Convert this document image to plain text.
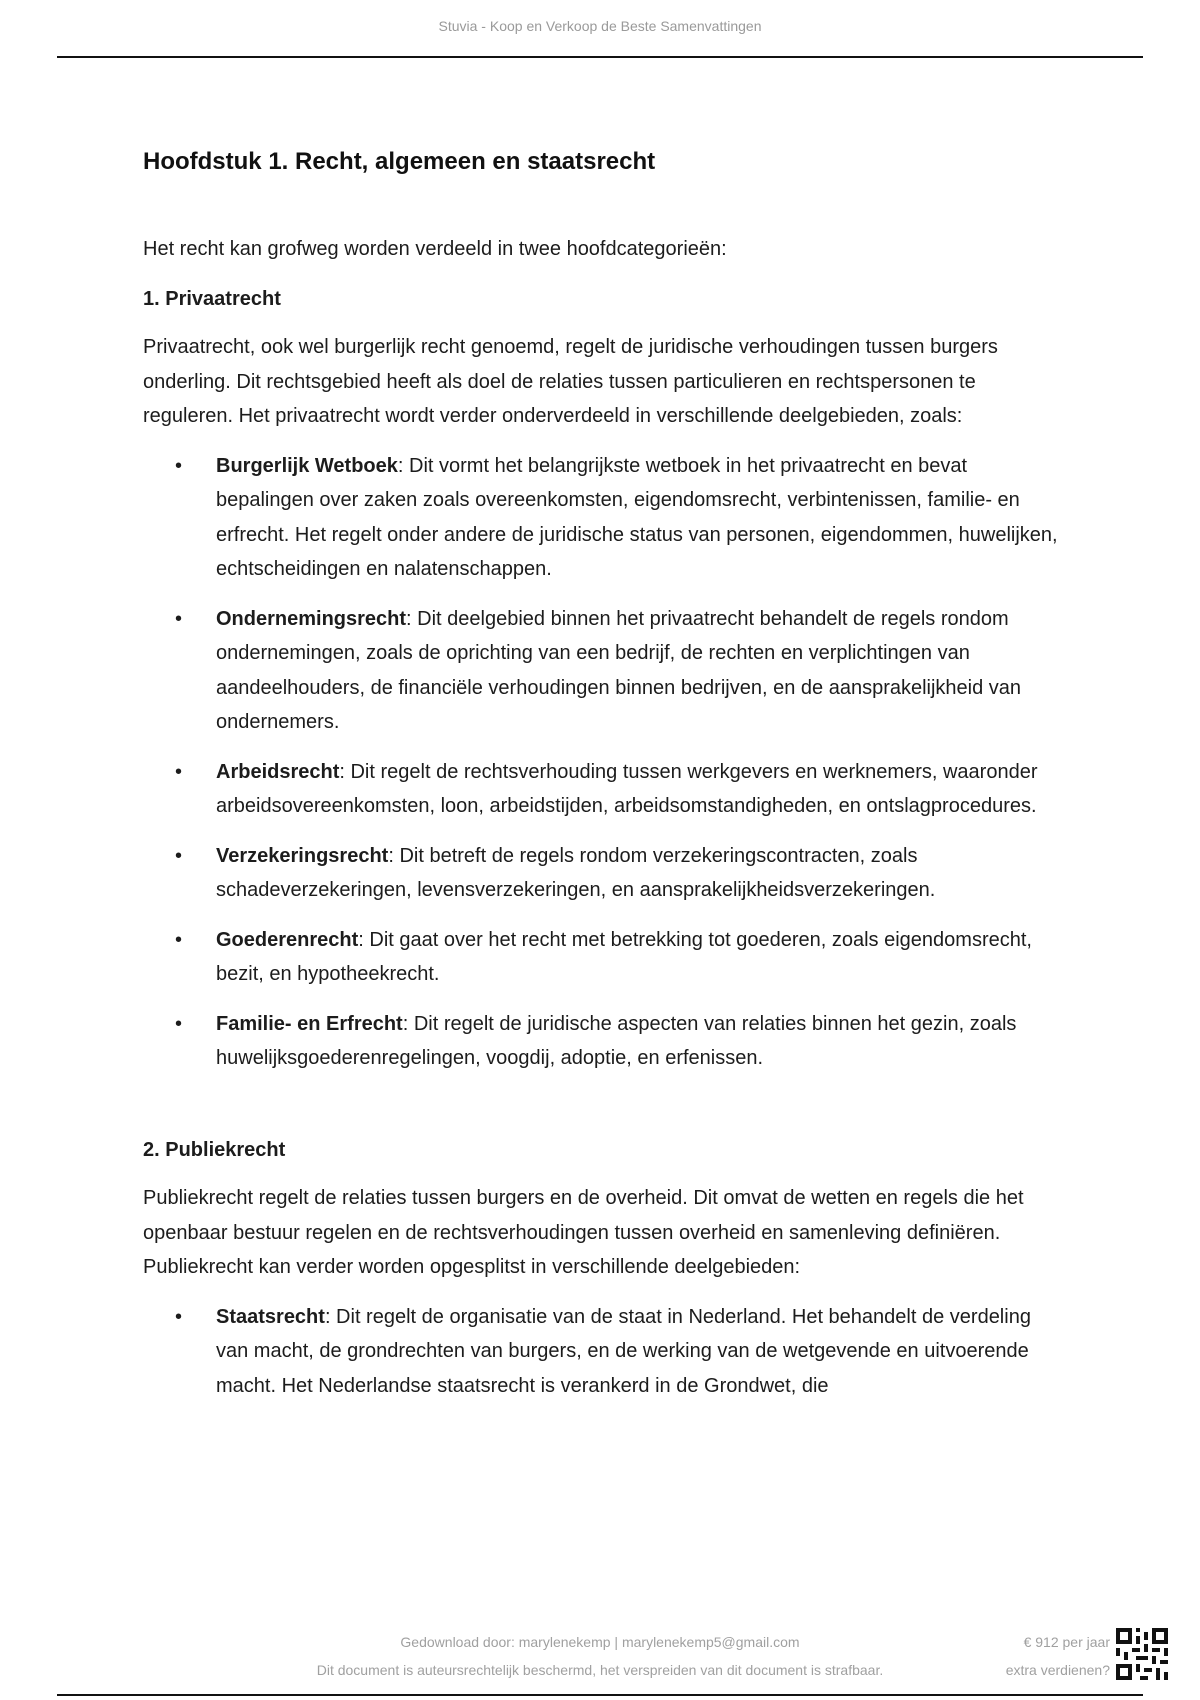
Stuvia - Koop en Verkoop de Beste Samenvattingen
Hoofdstuk 1. Recht, algemeen en staatsrecht

Het recht kan grofweg worden verdeeld in twee hoofdcategorieën:

1. Privaatrecht

Privaatrecht, ook wel burgerlijk recht genoemd, regelt de juridische verhoudingen tussen burgers onderling. Dit rechtsgebied heeft als doel de relaties tussen particulieren en rechtspersonen te reguleren. Het privaatrecht wordt verder onderverdeeld in verschillende deelgebieden, zoals:

• Burgerlijk Wetboek: Dit vormt het belangrijkste wetboek in het privaatrecht en bevat bepalingen over zaken zoals overeenkomsten, eigendomsrecht, verbintenissen, familie- en erfrecht. Het regelt onder andere de juridische status van personen, eigendommen, huwelijken, echtscheidingen en nalatenschappen.
• Ondernemingsrecht: Dit deelgebied binnen het privaatrecht behandelt de regels rondom ondernemingen, zoals de oprichting van een bedrijf, de rechten en verplichtingen van aandeelhouders, de financiële verhoudingen binnen bedrijven, en de aansprakelijkheid van ondernemers.
• Arbeidsrecht: Dit regelt de rechtsverhouding tussen werkgevers en werknemers, waaronder arbeidsovereenkomsten, loon, arbeidstijden, arbeidsomstandigheden, en ontslagprocedures.
• Verzekeringsrecht: Dit betreft de regels rondom verzekeringscontracten, zoals schadeverzekeringen, levensverzekeringen, en aansprakelijkheidsverzekeringen.
• Goederenrecht: Dit gaat over het recht met betrekking tot goederen, zoals eigendomsrecht, bezit, en hypotheekrecht.
• Familie- en Erfrecht: Dit regelt de juridische aspecten van relaties binnen het gezin, zoals huwelijksgoederenregelingen, voogdij, adoptie, en erfenissen.

2. Publiekrecht

Publiekrecht regelt de relaties tussen burgers en de overheid. Dit omvat de wetten en regels die het openbaar bestuur regelen en de rechtsverhoudingen tussen overheid en samenleving definiëren. Publiekrecht kan verder worden opgesplitst in verschillende deelgebieden:

• Staatsrecht: Dit regelt de organisatie van de staat in Nederland. Het behandelt de verdeling van macht, de grondrechten van burgers, en de werking van de wetgevende en uitvoerende macht. Het Nederlandse staatsrecht is verankerd in de Grondwet, die
Gedownload door: marylenekemp | marylenekemp5@gmail.com
Dit document is auteursrechtelijk beschermd, het verspreiden van dit document is strafbaar.
€ 912 per jaar
extra verdienen?
